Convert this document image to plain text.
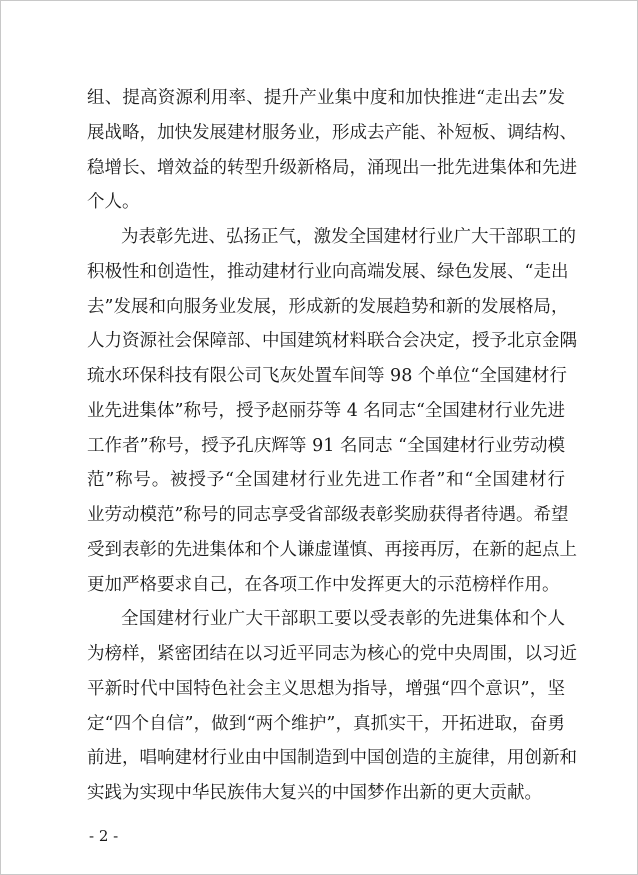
组、提高资源利用率、提升产业集中度和加快推进“走出去”发
展战略，加快发展建材服务业，形成去产能、补短板、调结构、
稳增长、增效益的转型升级新格局，涌现出一批先进集体和先进
个人。
为表彰先进、弘扬正气，激发全国建材行业广大干部职工的
积极性和创造性，推动建材行业向高端发展、绿色发展、“走出
去”发展和向服务业发展，形成新的发展趋势和新的发展格局，
人力资源社会保障部、中国建筑材料联合会决定，授予北京金隅
琉水环保科技有限公司飞灰处置车间等 98 个单位“全国建材行
业先进集体”称号，授予赵丽芬等 4 名同志“全国建材行业先进
工作者”称号，授予孔庆辉等 91 名同志 “全国建材行业劳动模
范”称号。被授予“全国建材行业先进工作者”和“全国建材行
业劳动模范”称号的同志享受省部级表彰奖励获得者待遇。希望
受到表彰的先进集体和个人谦虚谨慎、再接再厉，在新的起点上
更加严格要求自己，在各项工作中发挥更大的示范榜样作用。
全国建材行业广大干部职工要以受表彰的先进集体和个人
为榜样，紧密团结在以习近平同志为核心的党中央周围，以习近
平新时代中国特色社会主义思想为指导，增强“四个意识”，坚
定“四个自信”，做到“两个维护”，真抓实干，开拓进取，奋勇
前进，唱响建材行业由中国制造到中国创造的主旋律，用创新和
实践为实现中华民族伟大复兴的中国梦作出新的更大贡献。
- 2 -
